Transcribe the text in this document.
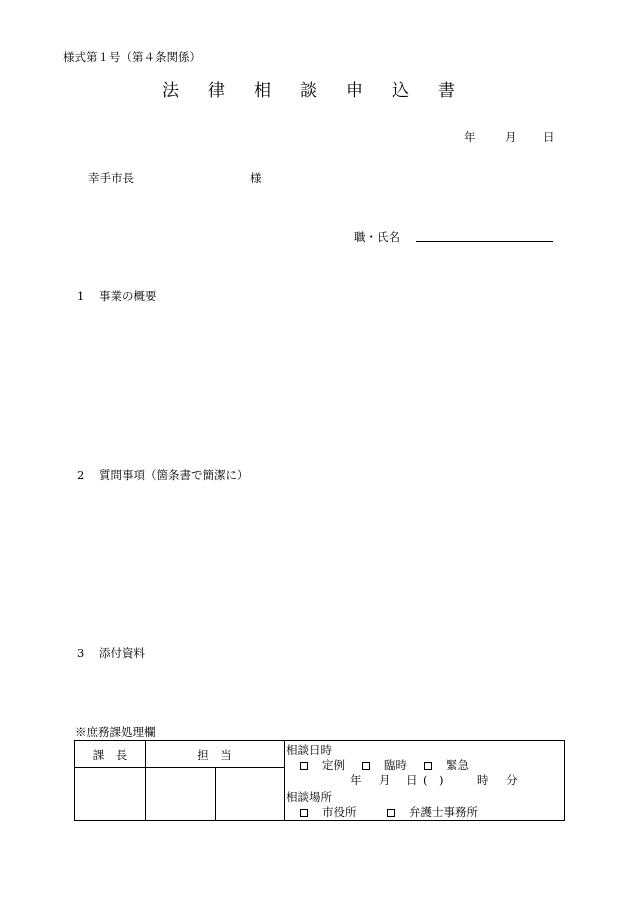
様式第１号（第４条関係）
法	律	相	談	申	込	書
年	月	日
幸手市長	様
職・氏名
1 事業の概要
2 質問事項（箇条書で簡潔に）
3 添付資料
※庶務課処理欄
課　長	担　当	相談日時
定例	臨時	緊急
年 月 日 (　)	時 分
相談場所
市役所	弁護士事務所
